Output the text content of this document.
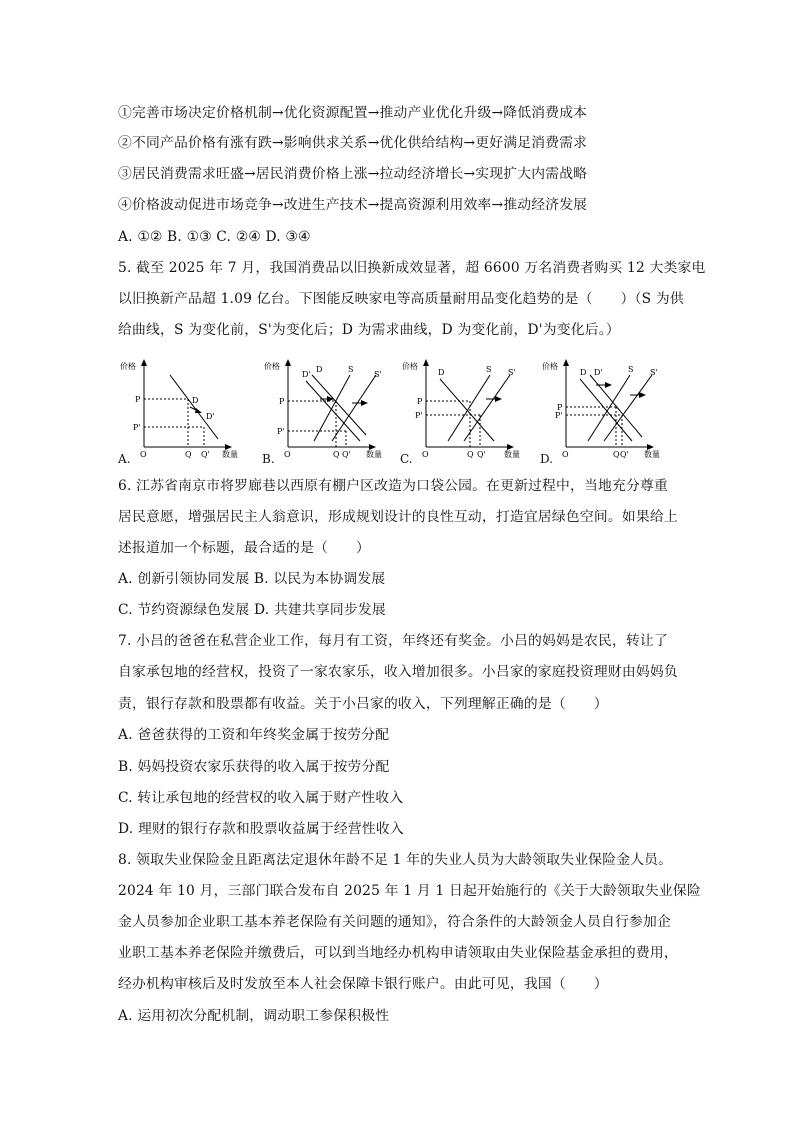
①完善市场决定价格机制→优化资源配置→推动产业优化升级→降低消费成本
②不同产品价格有涨有跌→影响供求关系→优化供给结构→更好满足消费需求
③居民消费需求旺盛→居民消费价格上涨→拉动经济增长→实现扩大内需战略
④价格波动促进市场竞争→改进生产技术→提高资源利用效率→推动经济发展
A. ①② B. ①③ C. ②④ D. ③④
5. 截至 2025 年 7 月，我国消费品以旧换新成效显著，超 6600 万名消费者购买 12 大类家电
以旧换新产品超 1.09 亿台。下图能反映家电等高质量耐用品变化趋势的是（　　）（S 为供
给曲线，S 为变化前，S'为变化后；D 为需求曲线，D 为变化前，D'为变化后。）
价格
P
P'
O	Q Q'
D
D'
数量
A.
价格
D'
D	S
S'
P
P'
O	Q Q' 数量
B.
价格
D	S S'
P
P'
O	Q Q' 数量
C.
价格
D D'	S S'
P
P'
O	Q Q' 数量
D.
6. 江苏省南京市将罗廊巷以西原有棚户区改造为口袋公园。在更新过程中，当地充分尊重
居民意愿，增强居民主人翁意识，形成规划设计的良性互动，打造宜居绿色空间。如果给上
述报道加一个标题，最合适的是（　　）
A. 创新引领协同发展 B. 以民为本协调发展
C. 节约资源绿色发展 D. 共建共享同步发展
7. 小吕的爸爸在私营企业工作，每月有工资，年终还有奖金。小吕的妈妈是农民，转让了
自家承包地的经营权，投资了一家农家乐，收入增加很多。小吕家的家庭投资理财由妈妈负
责，银行存款和股票都有收益。关于小吕家的收入，下列理解正确的是（　　）
A. 爸爸获得的工资和年终奖金属于按劳分配
B. 妈妈投资农家乐获得的收入属于按劳分配
C. 转让承包地的经营权的收入属于财产性收入
D. 理财的银行存款和股票收益属于经营性收入
8. 领取失业保险金且距离法定退休年龄不足 1 年的失业人员为大龄领取失业保险金人员。
2024 年 10 月，三部门联合发布自 2025 年 1 月 1 日起开始施行的《关于大龄领取失业保险
金人员参加企业职工基本养老保险有关问题的通知》，符合条件的大龄领金人员自行参加企
业职工基本养老保险并缴费后，可以到当地经办机构申请领取由失业保险基金承担的费用，
经办机构审核后及时发放至本人社会保障卡银行账户。由此可见，我国（　　）
A. 运用初次分配机制，调动职工参保积极性
